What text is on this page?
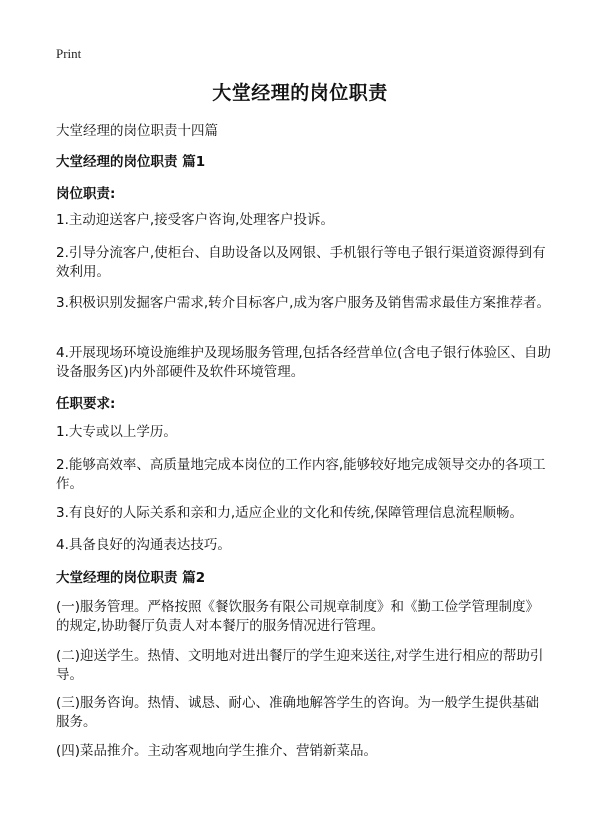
Print
大堂经理的岗位职责
大堂经理的岗位职责十四篇
大堂经理的岗位职责 篇1
岗位职责:
1.主动迎送客户,接受客户咨询,处理客户投诉。
2.引导分流客户,使柜台、自助设备以及网银、手机银行等电子银行渠道资源得到有效利用。
3.积极识别发掘客户需求,转介目标客户,成为客户服务及销售需求最佳方案推荐者。
4.开展现场环境设施维护及现场服务管理,包括各经营单位(含电子银行体验区、自助设备服务区)内外部硬件及软件环境管理。
任职要求:
1.大专或以上学历。
2.能够高效率、高质量地完成本岗位的工作内容,能够较好地完成领导交办的各项工作。
3.有良好的人际关系和亲和力,适应企业的文化和传统,保障管理信息流程顺畅。
4.具备良好的沟通表达技巧。
大堂经理的岗位职责 篇2
(一)服务管理。严格按照《餐饮服务有限公司规章制度》和《勤工俭学管理制度》的规定,协助餐厅负责人对本餐厅的服务情况进行管理。
(二)迎送学生。热情、文明地对进出餐厅的学生迎来送往,对学生进行相应的帮助引导。
(三)服务咨询。热情、诚恳、耐心、准确地解答学生的咨询。为一般学生提供基础服务。
(四)菜品推介。主动客观地向学生推介、营销新菜品。
